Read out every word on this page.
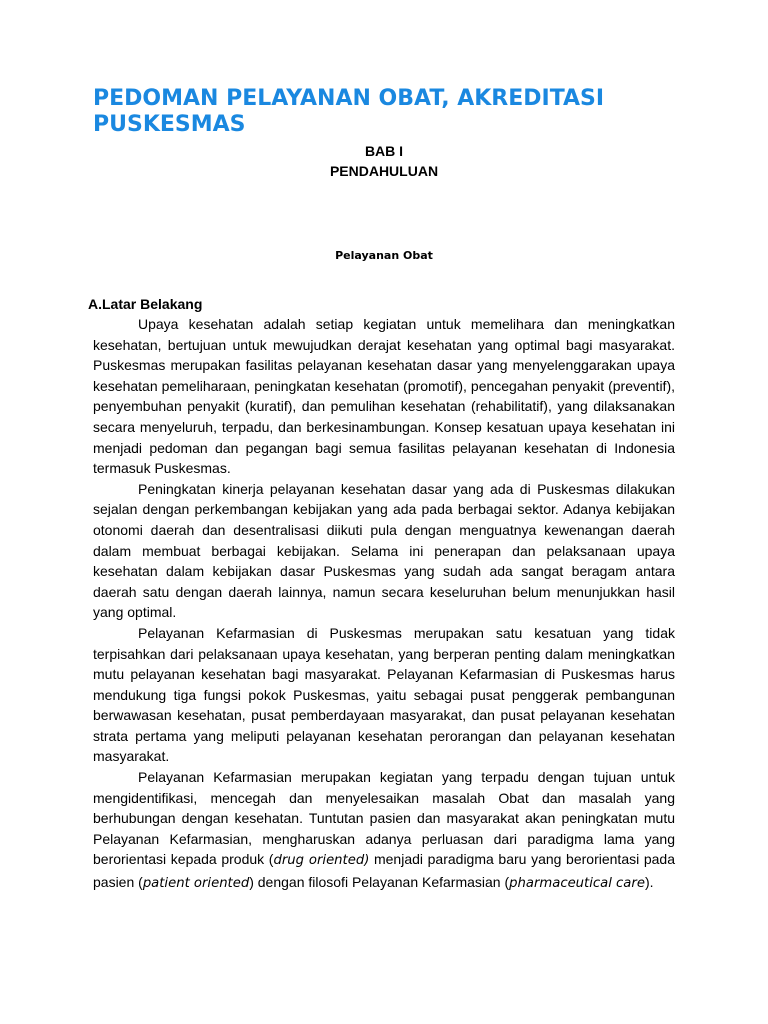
PEDOMAN PELAYANAN OBAT, AKREDITASI PUSKESMAS
BAB I
PENDAHULUAN
Pelayanan Obat
A.Latar Belakang

Upaya kesehatan adalah setiap kegiatan untuk memelihara dan meningkatkan kesehatan, bertujuan untuk mewujudkan derajat kesehatan yang optimal bagi masyarakat. Puskesmas merupakan fasilitas pelayanan kesehatan dasar yang menyelenggarakan upaya kesehatan pemeliharaan, peningkatan kesehatan (promotif), pencegahan penyakit (preventif), penyembuhan penyakit (kuratif), dan pemulihan kesehatan (rehabilitatif), yang dilaksanakan secara menyeluruh, terpadu, dan berkesinambungan. Konsep kesatuan upaya kesehatan ini menjadi pedoman dan pegangan bagi semua fasilitas pelayanan kesehatan di Indonesia termasuk Puskesmas.

Peningkatan kinerja pelayanan kesehatan dasar yang ada di Puskesmas dilakukan sejalan dengan perkembangan kebijakan yang ada pada berbagai sektor. Adanya kebijakan otonomi daerah dan desentralisasi diikuti pula dengan menguatnya kewenangan daerah dalam membuat berbagai kebijakan. Selama ini penerapan dan pelaksanaan upaya kesehatan dalam kebijakan dasar Puskesmas yang sudah ada sangat beragam antara daerah satu dengan daerah lainnya, namun secara keseluruhan belum menunjukkan hasil yang optimal.

Pelayanan Kefarmasian di Puskesmas merupakan satu kesatuan yang tidak terpisahkan dari pelaksanaan upaya kesehatan, yang berperan penting dalam meningkatkan mutu pelayanan kesehatan bagi masyarakat. Pelayanan Kefarmasian di Puskesmas harus mendukung tiga fungsi pokok Puskesmas, yaitu sebagai pusat penggerak pembangunan berwawasan kesehatan, pusat pemberdayaan masyarakat, dan pusat pelayanan kesehatan strata pertama yang meliputi pelayanan kesehatan perorangan dan pelayanan kesehatan masyarakat.

Pelayanan Kefarmasian merupakan kegiatan yang terpadu dengan tujuan untuk mengidentifikasi, mencegah dan menyelesaikan masalah Obat dan masalah yang berhubungan dengan kesehatan. Tuntutan pasien dan masyarakat akan peningkatan mutu Pelayanan Kefarmasian, mengharuskan adanya perluasan dari paradigma lama yang berorientasi kepada produk (drug oriented) menjadi paradigma baru yang berorientasi pada pasien (patient oriented) dengan filosofi Pelayanan Kefarmasian (pharmaceutical care).
